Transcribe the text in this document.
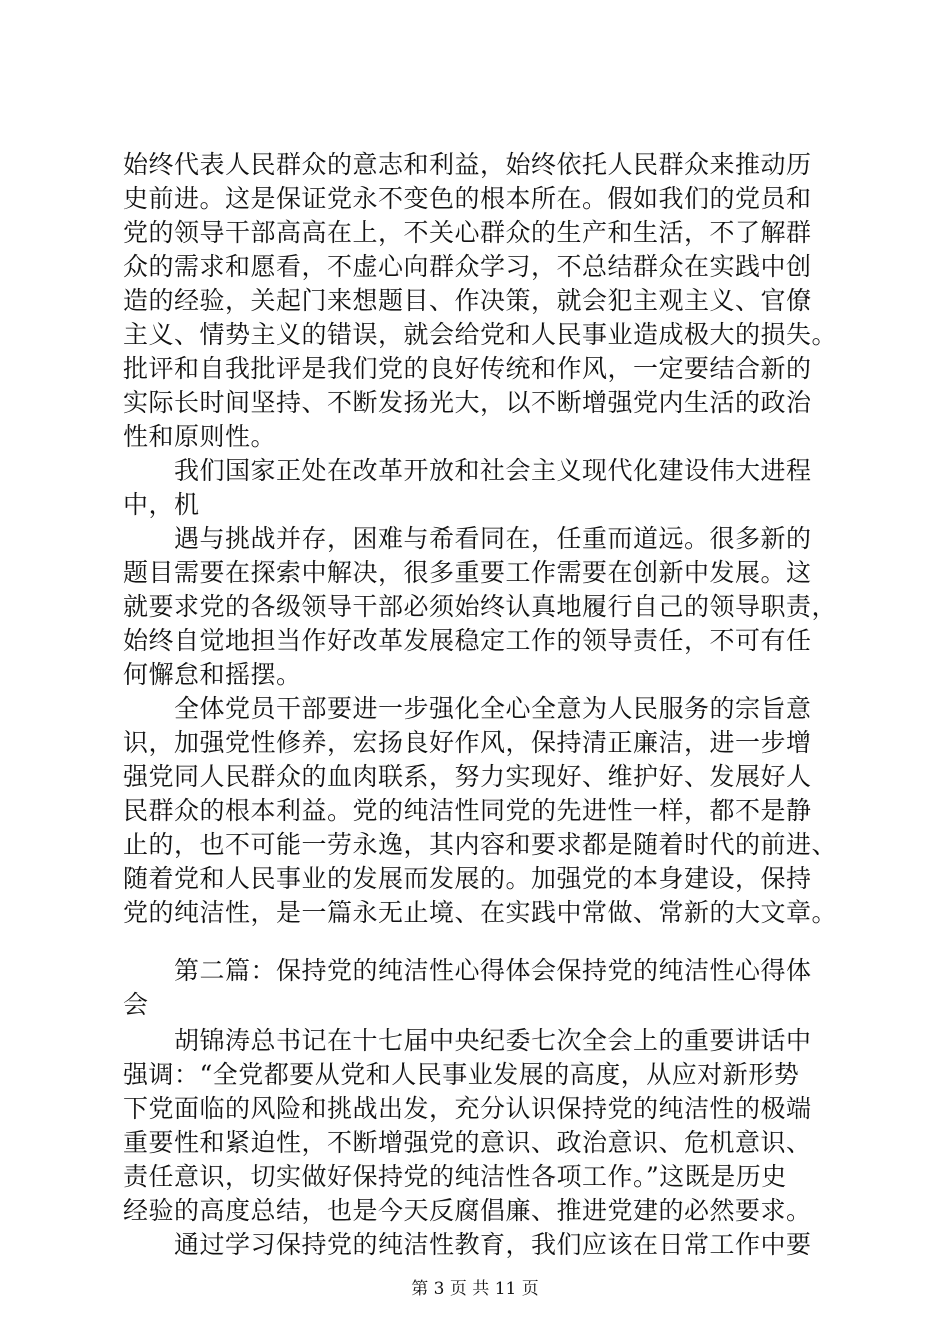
始终代表人民群众的意志和利益，始终依托人民群众来推动历
史前进。这是保证党永不变色的根本所在。假如我们的党员和
党的领导干部高高在上，不关心群众的生产和生活，不了解群
众的需求和愿看，不虚心向群众学习，不总结群众在实践中创
造的经验，关起门来想题目、作决策，就会犯主观主义、官僚
主义、情势主义的错误，就会给党和人民事业造成极大的损失。
批评和自我批评是我们党的良好传统和作风，一定要结合新的
实际长时间坚持、不断发扬光大，以不断增强党内生活的政治
性和原则性。
　　我们国家正处在改革开放和社会主义现代化建设伟大进程
中，机
　　遇与挑战并存，困难与希看同在，任重而道远。很多新的
题目需要在探索中解决，很多重要工作需要在创新中发展。这
就要求党的各级领导干部必须始终认真地履行自己的领导职责，
始终自觉地担当作好改革发展稳定工作的领导责任，不可有任
何懈怠和摇摆。
　　全体党员干部要进一步强化全心全意为人民服务的宗旨意
识，加强党性修养，宏扬良好作风，保持清正廉洁，进一步增
强党同人民群众的血肉联系，努力实现好、维护好、发展好人
民群众的根本利益。党的纯洁性同党的先进性一样，都不是静
止的，也不可能一劳永逸，其内容和要求都是随着时代的前进、
随着党和人民事业的发展而发展的。加强党的本身建设，保持
党的纯洁性，是一篇永无止境、在实践中常做、常新的大文章。
　　第二篇：保持党的纯洁性心得体会保持党的纯洁性心得体
会
　　胡锦涛总书记在十七届中央纪委七次全会上的重要讲话中
强调：“全党都要从党和人民事业发展的高度，从应对新形势
下党面临的风险和挑战出发，充分认识保持党的纯洁性的极端
重要性和紧迫性，不断增强党的意识、政治意识、危机意识、
责任意识，切实做好保持党的纯洁性各项工作。”这既是历史
经验的高度总结，也是今天反腐倡廉、推进党建的必然要求。
　　通过学习保持党的纯洁性教育，我们应该在日常工作中要
第 3 页 共 11 页
